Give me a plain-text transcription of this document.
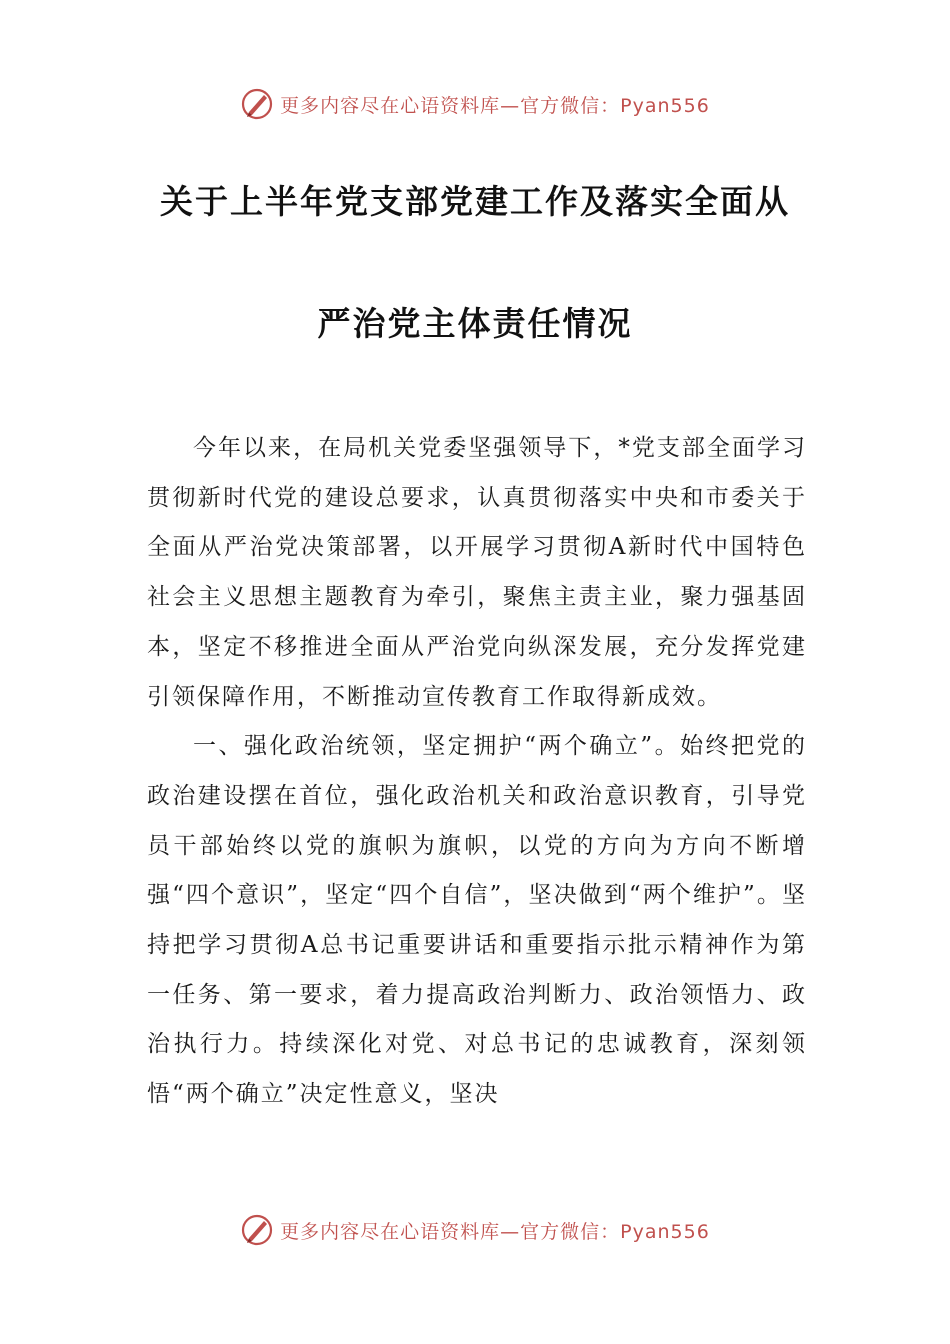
更多内容尽在心语资料库—官方微信：Pyan556
关于上半年党支部党建工作及落实全面从
严治党主体责任情况

今年以来，在局机关党委坚强领导下，*党支部全面学习贯彻新时代党的建设总要求，认真贯彻落实中央和市委关于全面从严治党决策部署，以开展学习贯彻A新时代中国特色社会主义思想主题教育为牵引，聚焦主责主业，聚力强基固本，坚定不移推进全面从严治党向纵深发展，充分发挥党建引领保障作用，不断推动宣传教育工作取得新成效。

一、强化政治统领，坚定拥护“两个确立”。始终把党的政治建设摆在首位，强化政治机关和政治意识教育，引导党员干部始终以党的旗帜为旗帜，以党的方向为方向不断增强“四个意识”，坚定“四个自信”，坚决做到“两个维护”。坚持把学习贯彻A总书记重要讲话和重要指示批示精神作为第一任务、第一要求，着力提高政治判断力、政治领悟力、政治执行力。持续深化对党、对总书记的忠诚教育，深刻领悟“两个确立”决定性意义，坚决

更多内容尽在心语资料库—官方微信：Pyan556
